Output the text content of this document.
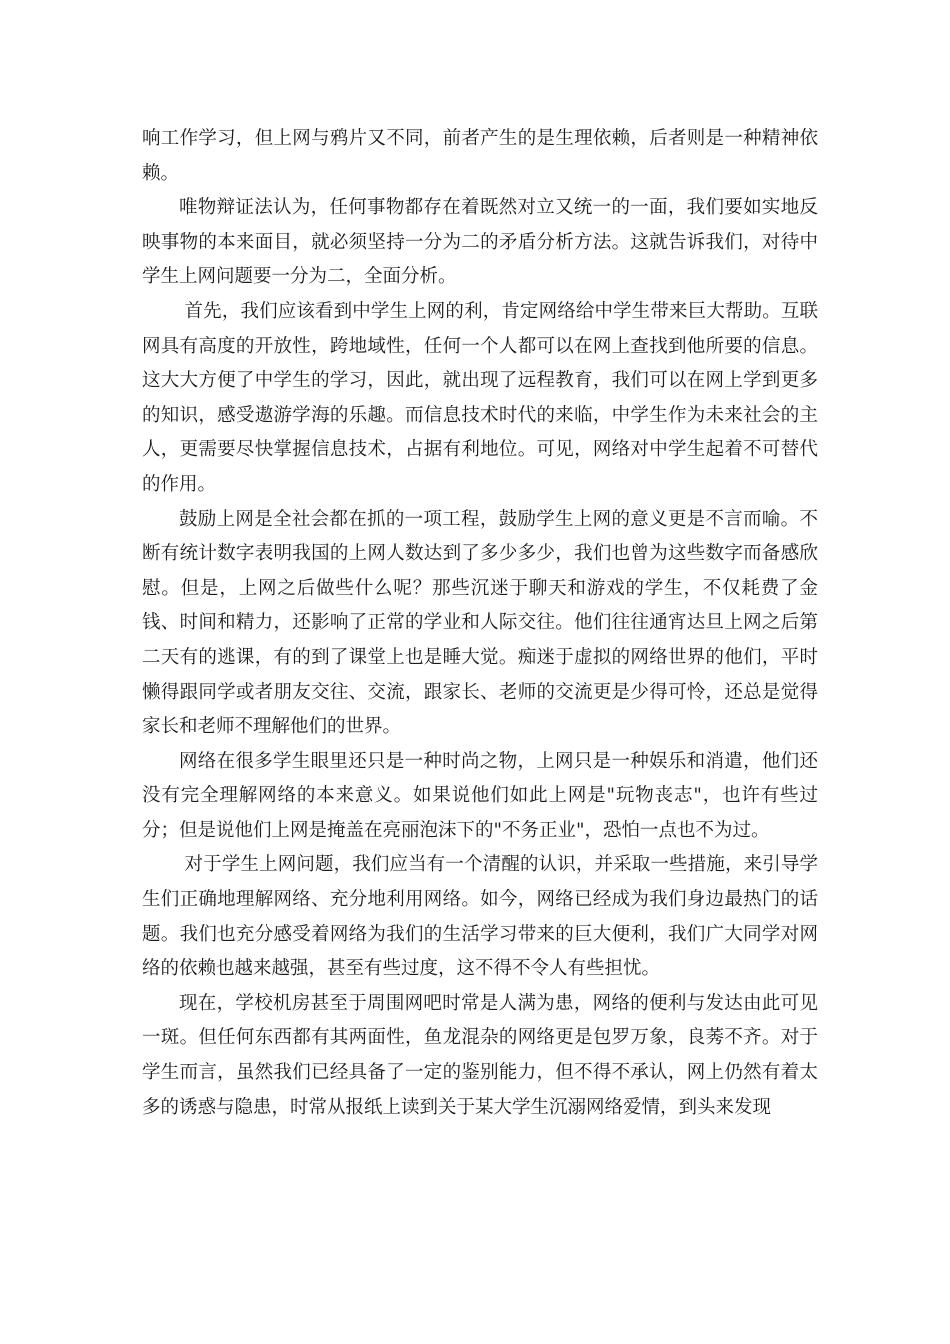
响工作学习，但上网与鸦片又不同，前者产生的是生理依赖，后者则是一种精神依赖。

唯物辩证法认为，任何事物都存在着既然对立又统一的一面，我们要如实地反映事物的本来面目，就必须坚持一分为二的矛盾分析方法。这就告诉我们，对待中学生上网问题要一分为二，全面分析。

首先，我们应该看到中学生上网的利，肯定网络给中学生带来巨大帮助。互联网具有高度的开放性，跨地域性，任何一个人都可以在网上查找到他所要的信息。这大大方便了中学生的学习，因此，就出现了远程教育，我们可以在网上学到更多的知识，感受遨游学海的乐趣。而信息技术时代的来临，中学生作为未来社会的主人，更需要尽快掌握信息技术，占据有利地位。可见，网络对中学生起着不可替代的作用。

鼓励上网是全社会都在抓的一项工程，鼓励学生上网的意义更是不言而喻。不断有统计数字表明我国的上网人数达到了多少多少，我们也曾为这些数字而备感欣慰。但是，上网之后做些什么呢？那些沉迷于聊天和游戏的学生，不仅耗费了金钱、时间和精力，还影响了正常的学业和人际交往。他们往往通宵达旦上网之后第二天有的逃课，有的到了课堂上也是睡大觉。痴迷于虚拟的网络世界的他们，平时懒得跟同学或者朋友交往、交流，跟家长、老师的交流更是少得可怜，还总是觉得家长和老师不理解他们的世界。

网络在很多学生眼里还只是一种时尚之物，上网只是一种娱乐和消遣，他们还没有完全理解网络的本来意义。如果说他们如此上网是"玩物丧志"，也许有些过分；但是说他们上网是掩盖在亮丽泡沫下的"不务正业"，恐怕一点也不为过。

对于学生上网问题，我们应当有一个清醒的认识，并采取一些措施，来引导学生们正确地理解网络、充分地利用网络。如今，网络已经成为我们身边最热门的话题。我们也充分感受着网络为我们的生活学习带来的巨大便利，我们广大同学对网络的依赖也越来越强，甚至有些过度，这不得不令人有些担忧。

现在，学校机房甚至于周围网吧时常是人满为患，网络的便利与发达由此可见一斑。但任何东西都有其两面性，鱼龙混杂的网络更是包罗万象，良莠不齐。对于学生而言，虽然我们已经具备了一定的鉴别能力，但不得不承认，网上仍然有着太多的诱惑与隐患，时常从报纸上读到关于某大学生沉溺网络爱情，到头来发现
